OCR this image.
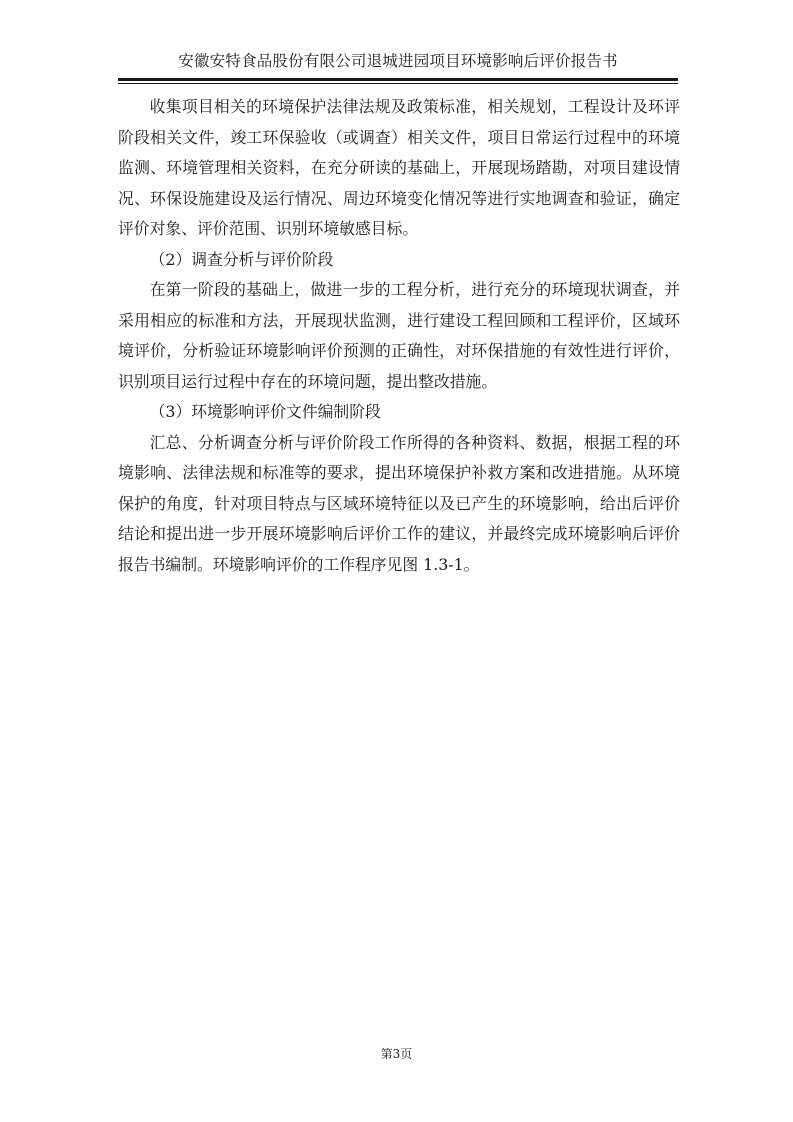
安徽安特食品股份有限公司退城进园项目环境影响后评价报告书

收集项目相关的环境保护法律法规及政策标准，相关规划，工程设计及环评阶段相关文件，竣工环保验收（或调查）相关文件，项目日常运行过程中的环境监测、环境管理相关资料，在充分研读的基础上，开展现场踏勘，对项目建设情况、环保设施建设及运行情况、周边环境变化情况等进行实地调查和验证，确定评价对象、评价范围、识别环境敏感目标。

（2）调查分析与评价阶段

在第一阶段的基础上，做进一步的工程分析，进行充分的环境现状调查，并采用相应的标准和方法，开展现状监测，进行建设工程回顾和工程评价，区域环境评价，分析验证环境影响评价预测的正确性，对环保措施的有效性进行评价，识别项目运行过程中存在的环境问题，提出整改措施。

（3）环境影响评价文件编制阶段

汇总、分析调查分析与评价阶段工作所得的各种资料、数据，根据工程的环境影响、法律法规和标准等的要求，提出环境保护补救方案和改进措施。从环境保护的角度，针对项目特点与区域环境特征以及已产生的环境影响，给出后评价结论和提出进一步开展环境影响后评价工作的建议，并最终完成环境影响后评价报告书编制。环境影响评价的工作程序见图 1.3-1。

第3页
